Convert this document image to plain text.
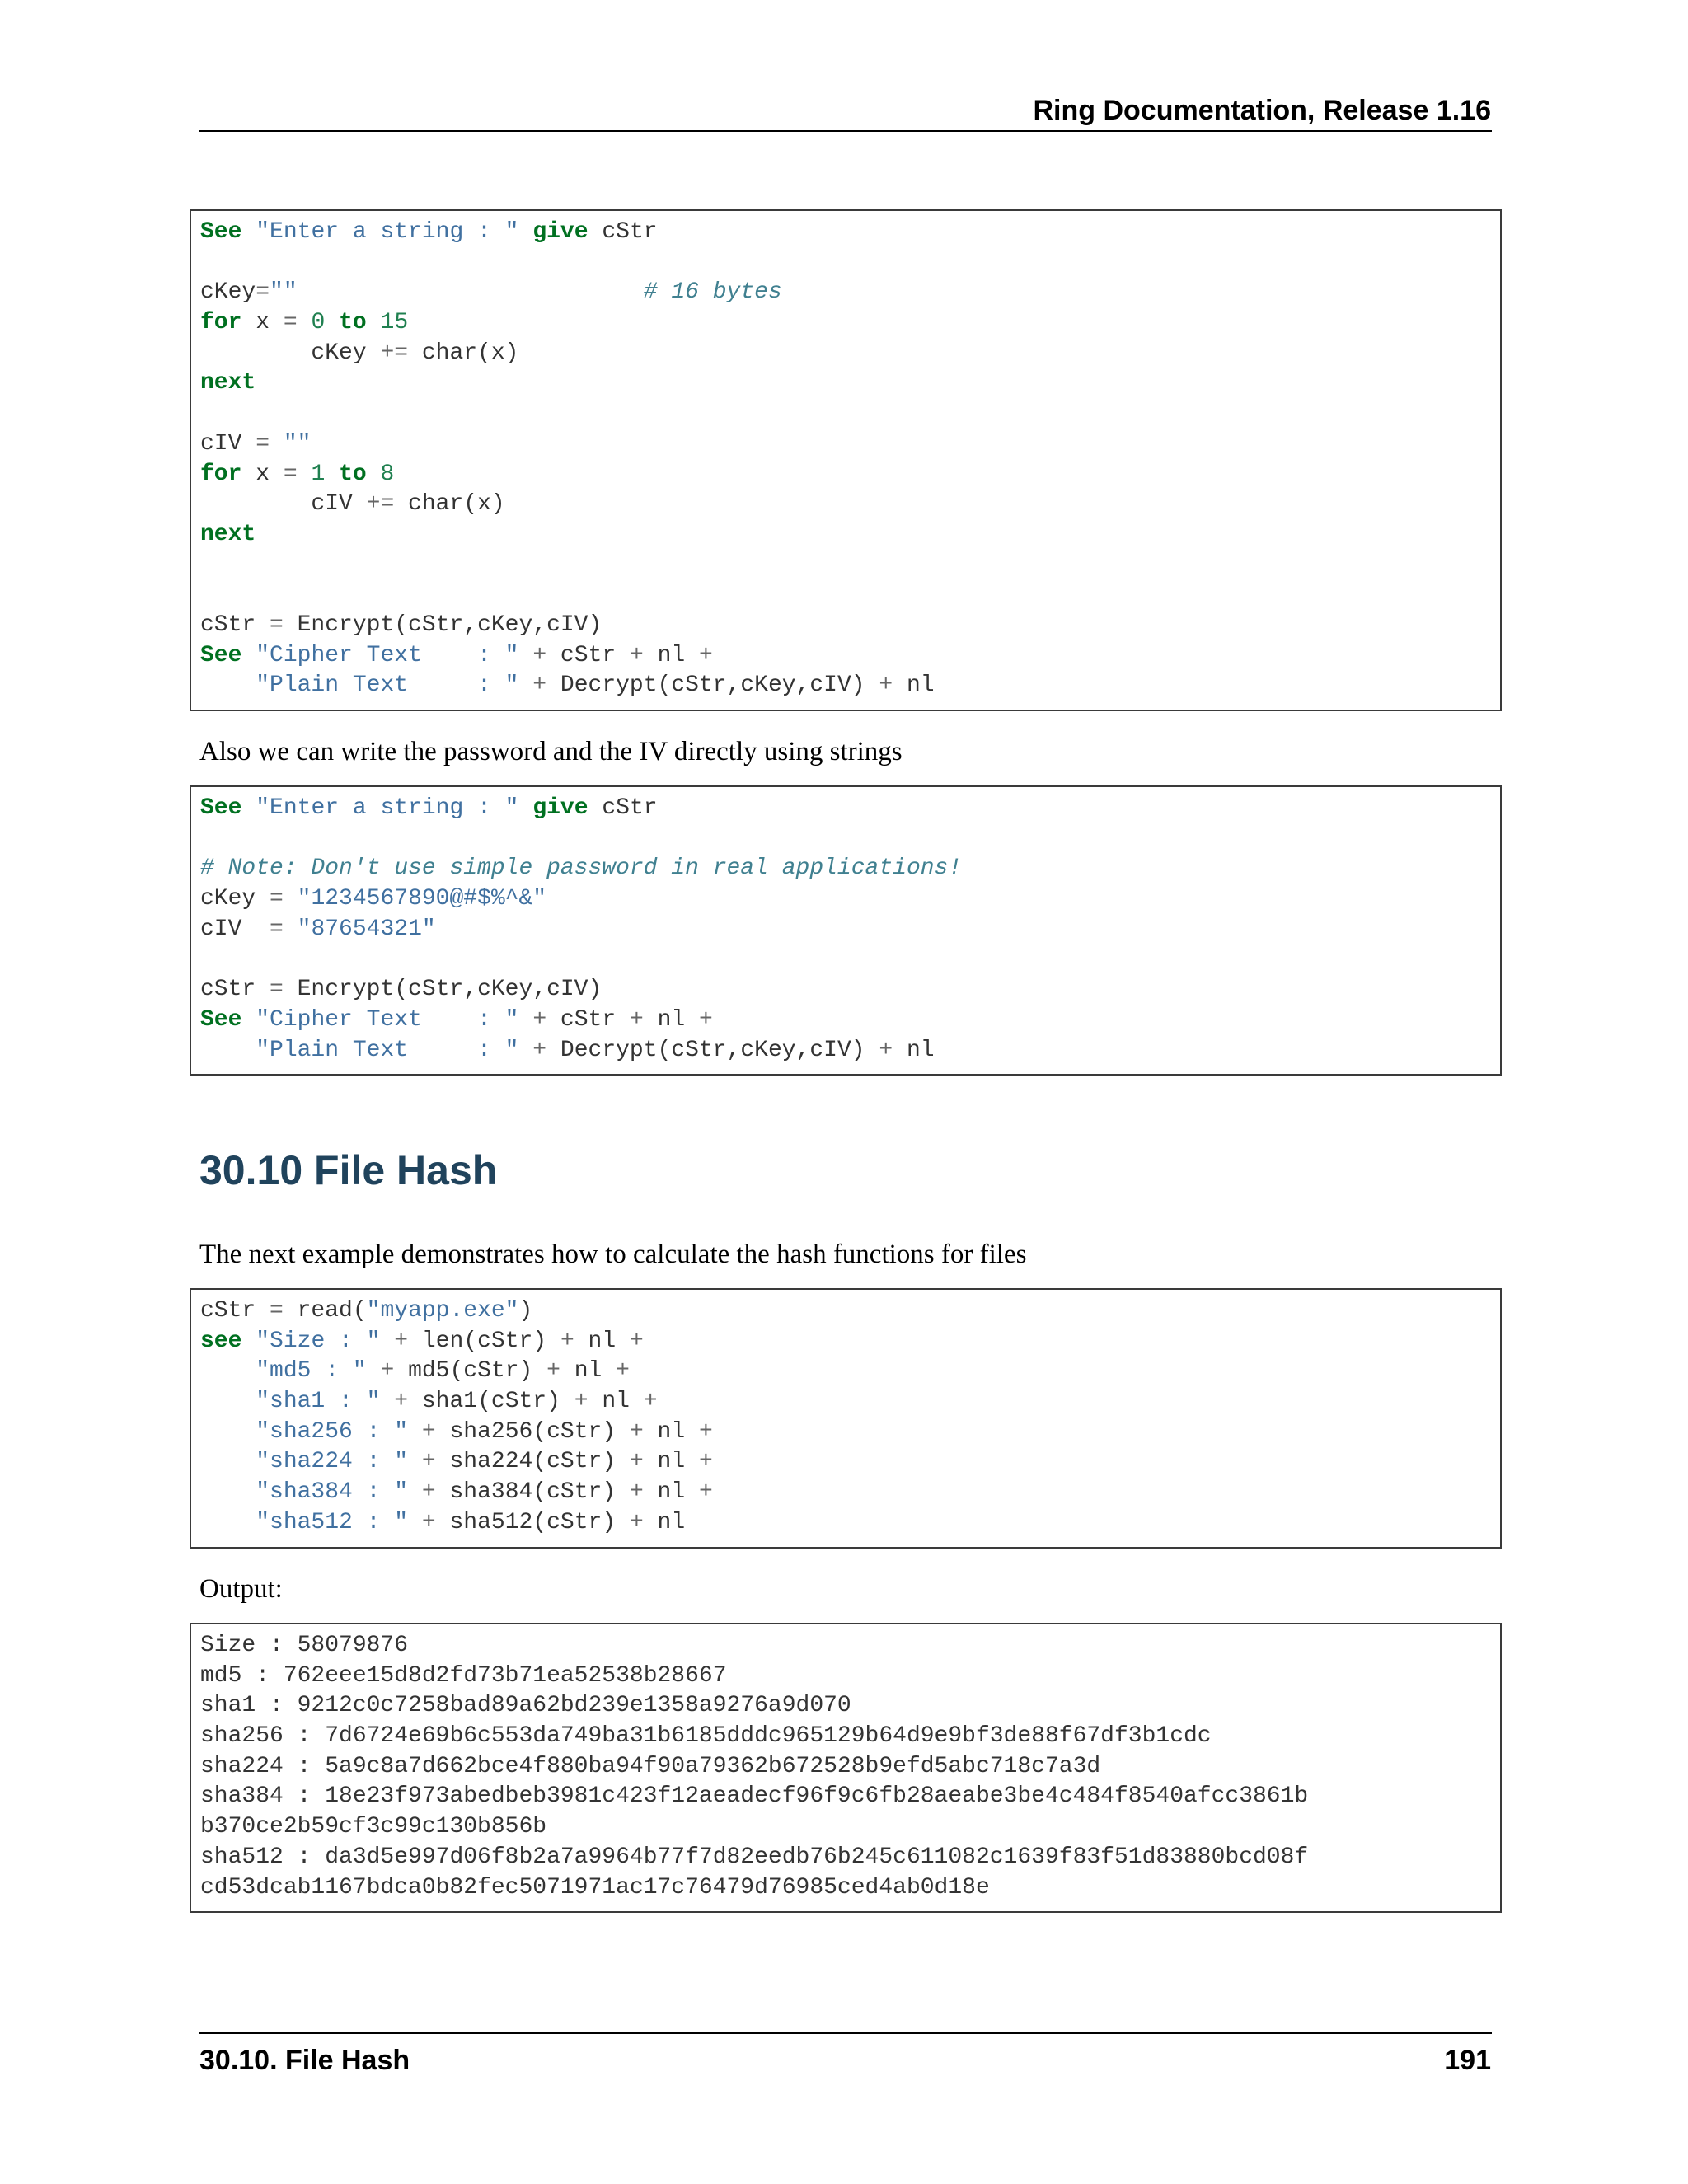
Ring Documentation, Release 1.16
See "Enter a string : " give cStr

cKey=""	# 16 bytes
for x = 0 to 15
cKey += char(x)
next

cIV = ""
for x = 1 to 8
cIV += char(x)
next

cStr = Encrypt(cStr,cKey,cIV)
See "Cipher Text    : " + cStr + nl +
"Plain Text     : " + Decrypt(cStr,cKey,cIV) + nl
Also we can write the password and the IV directly using strings
See "Enter a string : " give cStr

# Note: Don't use simple password in real applications!
cKey = "1234567890@#$%^&"
cIV  = "87654321"

cStr = Encrypt(cStr,cKey,cIV)
See "Cipher Text    : " + cStr + nl +
"Plain Text     : " + Decrypt(cStr,cKey,cIV) + nl
30.10 File Hash
The next example demonstrates how to calculate the hash functions for files
cStr = read("myapp.exe")
see "Size : " + len(cStr) + nl +
"md5 : " + md5(cStr) + nl +
"sha1 : " + sha1(cStr) + nl +
"sha256 : " + sha256(cStr) + nl +
"sha224 : " + sha224(cStr) + nl +
"sha384 : " + sha384(cStr) + nl +
"sha512 : " + sha512(cStr) + nl
Output:
Size : 58079876
md5 : 762eee15d8d2fd73b71ea52538b28667
sha1 : 9212c0c7258bad89a62bd239e1358a9276a9d070
sha256 : 7d6724e69b6c553da749ba31b6185dddc965129b64d9e9bf3de88f67df3b1cdc
sha224 : 5a9c8a7d662bce4f880ba94f90a79362b672528b9efd5abc718c7a3d
sha384 : 18e23f973abedbeb3981c423f12aeadecf96f9c6fb28aeabe3be4c484f8540afcc3861b
b370ce2b59cf3c99c130b856b
sha512 : da3d5e997d06f8b2a7a9964b77f7d82eedb76b245c611082c1639f83f51d83880bcd08f
cd53dcab1167bdca0b82fec5071971ac17c76479d76985ced4ab0d18e
30.10. File Hash	191
